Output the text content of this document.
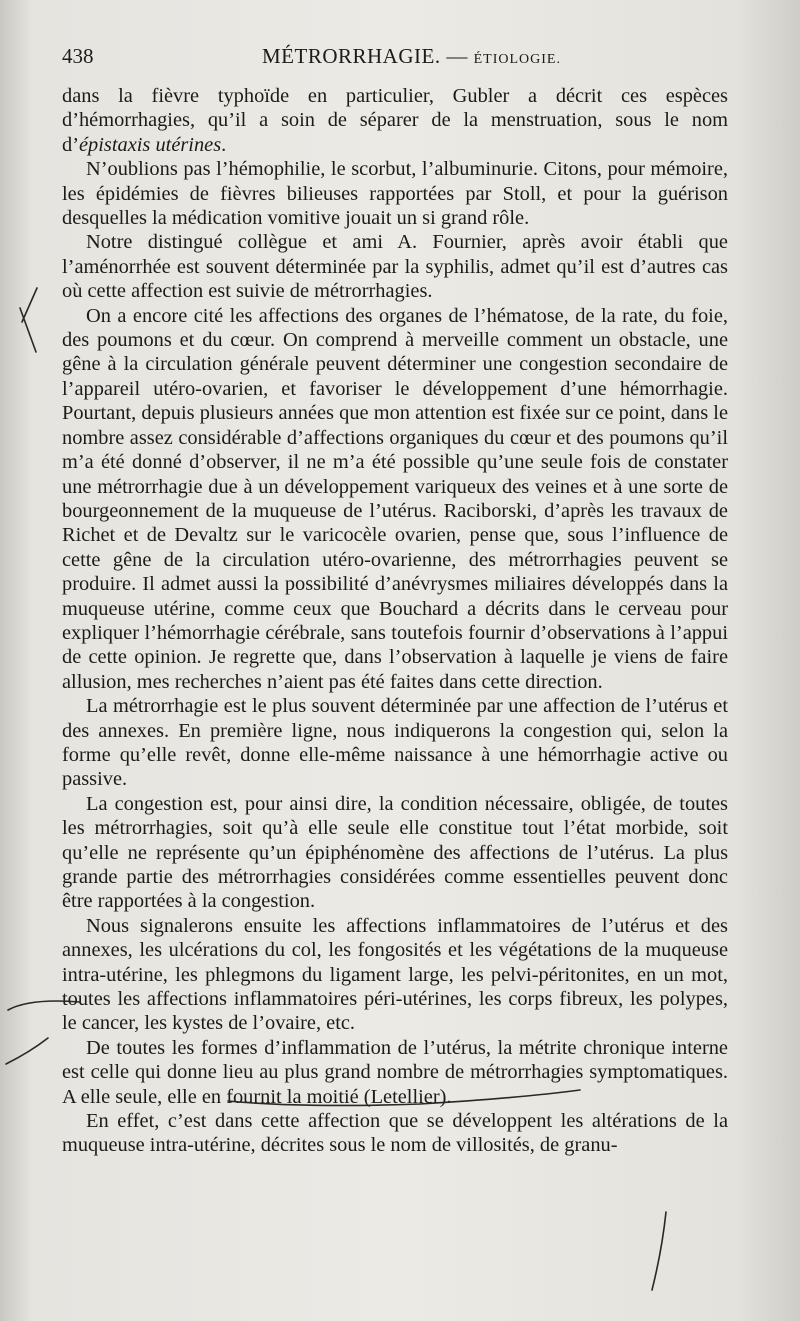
438	MÉTRORRHAGIE. — ÉTIOLOGIE.

dans la fièvre typhoïde en particulier, Gubler a décrit ces espèces d’hémorrhagies, qu’il a soin de séparer de la menstruation, sous le nom d’épistaxis utérines.

N’oublions pas l’hémophilie, le scorbut, l’albuminurie. Citons, pour mémoire, les épidémies de fièvres bilieuses rapportées par Stoll, et pour la guérison desquelles la médication vomitive jouait un si grand rôle.

Notre distingué collègue et ami A. Fournier, après avoir établi que l’aménorrhée est souvent déterminée par la syphilis, admet qu’il est d’autres cas où cette affection est suivie de métrorrhagies.

On a encore cité les affections des organes de l’hématose, de la rate, du foie, des poumons et du cœur. On comprend à merveille comment un obstacle, une gêne à la circulation générale peuvent déterminer une congestion secondaire de l’appareil utéro-ovarien, et favoriser le développement d’une hémorrhagie. Pourtant, depuis plusieurs années que mon attention est fixée sur ce point, dans le nombre assez considérable d’affections organiques du cœur et des poumons qu’il m’a été donné d’observer, il ne m’a été possible qu’une seule fois de constater une métrorrhagie due à un développement variqueux des veines et à une sorte de bourgeonnement de la muqueuse de l’utérus. Raciborski, d’après les travaux de Richet et de Devaltz sur le varicocèle ovarien, pense que, sous l’influence de cette gêne de la circulation utéro-ovarienne, des métrorrhagies peuvent se produire. Il admet aussi la possibilité d’anévrysmes miliaires développés dans la muqueuse utérine, comme ceux que Bouchard a décrits dans le cerveau pour expliquer l’hémorrhagie cérébrale, sans toutefois fournir d’observations à l’appui de cette opinion. Je regrette que, dans l’observation à laquelle je viens de faire allusion, mes recherches n’aient pas été faites dans cette direction.

La métrorrhagie est le plus souvent déterminée par une affection de l’utérus et des annexes. En première ligne, nous indiquerons la congestion qui, selon la forme qu’elle revêt, donne elle-même naissance à une hémorrhagie active ou passive.

La congestion est, pour ainsi dire, la condition nécessaire, obligée, de toutes les métrorrhagies, soit qu’à elle seule elle constitue tout l’état morbide, soit qu’elle ne représente qu’un épiphénomène des affections de l’utérus. La plus grande partie des métrorrhagies considérées comme essentielles peuvent donc être rapportées à la congestion.

Nous signalerons ensuite les affections inflammatoires de l’utérus et des annexes, les ulcérations du col, les fongosités et les végétations de la muqueuse intra-utérine, les phlegmons du ligament large, les pelvi-péritonites, en un mot, toutes les affections inflammatoires péri-utérines, les corps fibreux, les polypes, le cancer, les kystes de l’ovaire, etc.

De toutes les formes d’inflammation de l’utérus, la métrite chronique interne est celle qui donne lieu au plus grand nombre de métrorrhagies symptomatiques. A elle seule, elle en fournit la moitié (Letellier).

En effet, c’est dans cette affection que se développent les altérations de la muqueuse intra-utérine, décrites sous le nom de villosités, de granu-
